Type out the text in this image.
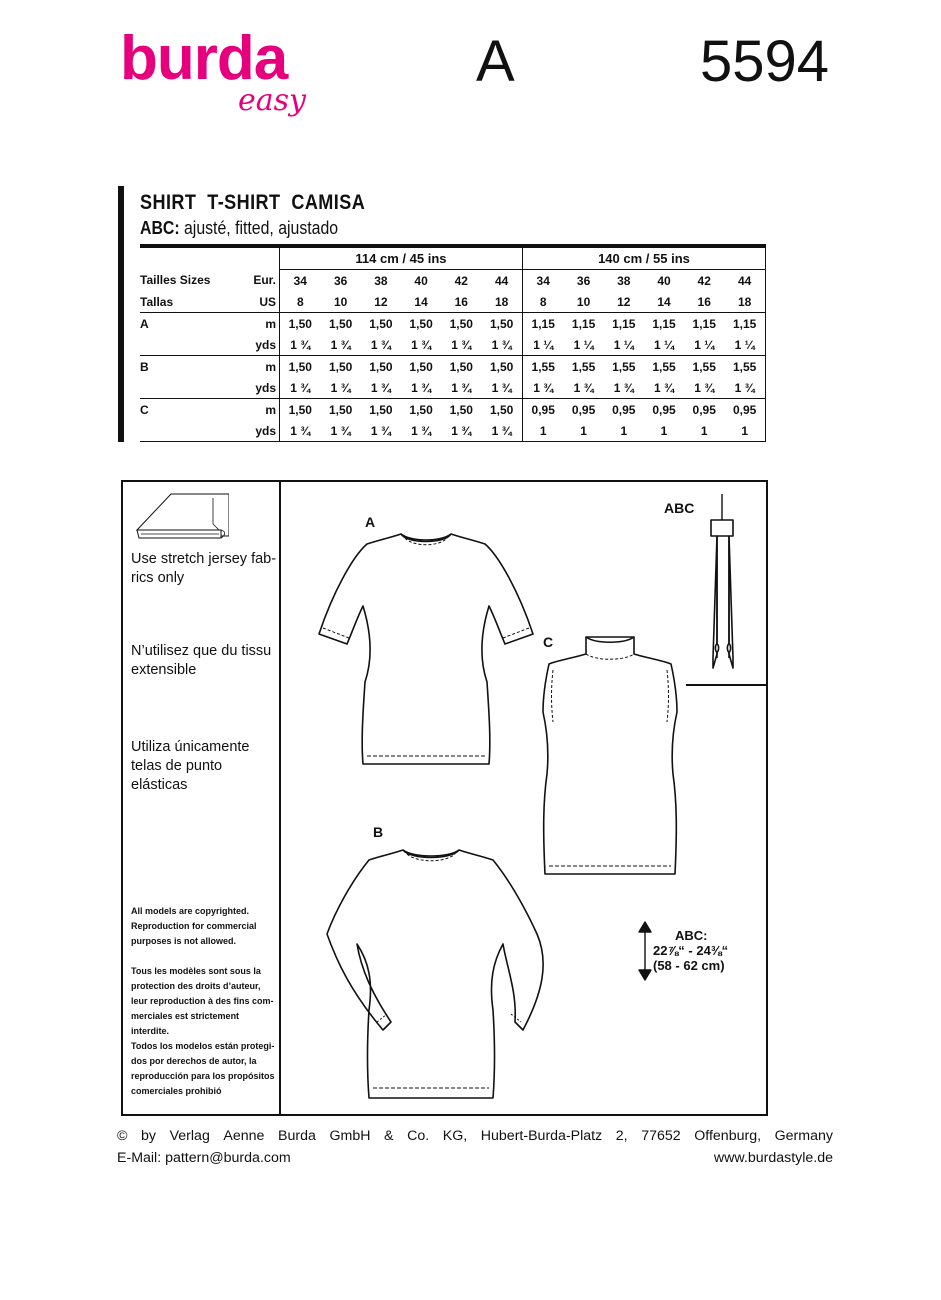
burda
easy
A	5594
SHIRT  T-SHIRT  CAMISA
ABC: ajusté, fitted, ajustado
		114 cm / 45 ins						140 cm / 55 ins					
Tailles Sizes	Eur.	34	36	38	40	42	44	34	36	38	40	42	44
Tallas	US	8	10	12	14	16	18	8	10	12	14	16	18
A	m	1,50	1,50	1,50	1,50	1,50	1,50	1,15	1,15	1,15	1,15	1,15	1,15
	yds	1 ¾	1 ¾	1 ¾	1 ¾	1 ¾	1 ¾	1 ¼	1 ¼	1 ¼	1 ¼	1 ¼	1 ¼
B	m	1,50	1,50	1,50	1,50	1,50	1,50	1,55	1,55	1,55	1,55	1,55	1,55
	yds	1 ¾	1 ¾	1 ¾	1 ¾	1 ¾	1 ¾	1 ¾	1 ¾	1 ¾	1 ¾	1 ¾	1 ¾
C	m	1,50	1,50	1,50	1,50	1,50	1,50	0,95	0,95	0,95	0,95	0,95	0,95
	yds	1 ¾	1 ¾	1 ¾	1 ¾	1 ¾	1 ¾	1	1	1	1	1	1
Use stretch jersey fab-rics only
N’utilisez que du tissu extensible
Utiliza únicamente telas de punto elásticas
All models are copyrighted. Reproduction for commercial purposes is not allowed.
Tous les modèles sont sous la protection des droits d’auteur, leur reproduction à des fins com-merciales est strictement interdite.
Todos los modelos están protegi-dos por derechos de autor, la reproducción para los propósitos comerciales prohibió
A
C
B
ABC
ABC:
22⅞“ - 24⅜“
(58 - 62 cm)
© by Verlag Aenne Burda GmbH & Co. KG, Hubert-Burda-Platz 2, 77652 Offenburg, Germany
E-Mail: pattern@burda.com	www.burdastyle.de
